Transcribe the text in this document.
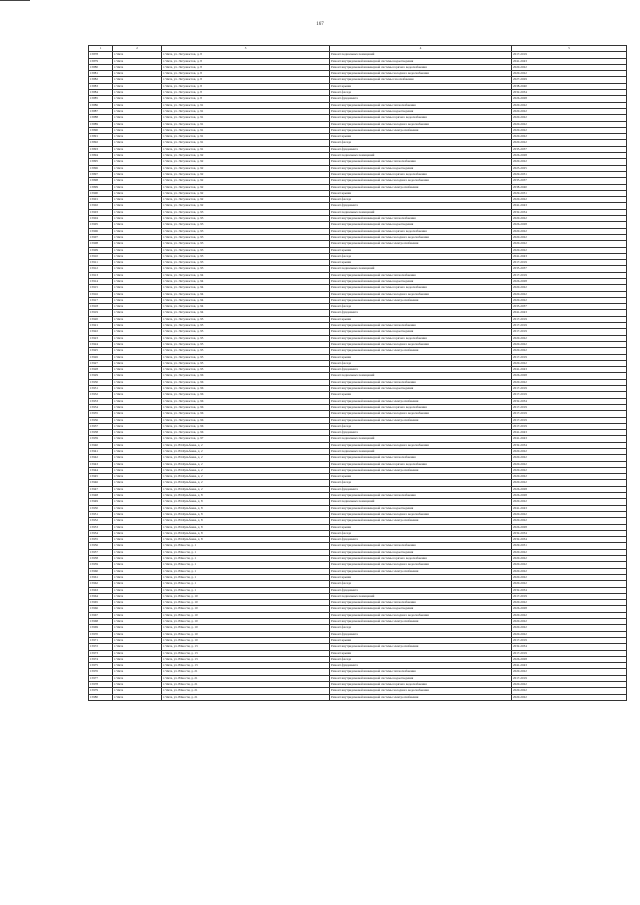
167
1	2	3	4	5
15878	г. Чита	г. Чита, ул. Энтузиастов, д. 8	Ремонт подвальных помещений	2017-2019
15879	г. Чита	г. Чита, ул. Энтузиастов, д. 8	Ремонт внутридомовой инженерной системы водоотведения	2041-2043
15880	г. Чита	г. Чита, ул. Энтузиастов, д. 8	Ремонт внутридомовой инженерной системы горячего водоснабжения	2020-2022
15881	г. Чита	г. Чита, ул. Энтузиастов, д. 8	Ремонт внутридомовой инженерной системы холодного водоснабжения	2020-2022
15882	г. Чита	г. Чита, ул. Энтузиастов, д. 8	Ремонт внутридомовой инженерной системы газоснабжения	2027-2029
15883	г. Чита	г. Чита, ул. Энтузиастов, д. 8	Ремонт крыши	2038-2040
15884	г. Чита	г. Чита, ул. Энтузиастов, д. 8	Ремонт фасада	2032-2034
15885	г. Чита	г. Чита, ул. Энтузиастов, д. 8	Ремонт фундамента	2026-2028
15886	г. Чита	г. Чита, ул. Энтузиастов, д. 91	Ремонт внутридомовой инженерной системы теплоснабжения	2020-2022
15887	г. Чита	г. Чита, ул. Энтузиастов, д. 91	Ремонт внутридомовой инженерной системы водоотведения	2020-2022
15888	г. Чита	г. Чита, ул. Энтузиастов, д. 91	Ремонт внутридомовой инженерной системы горячего водоснабжения	2020-2022
15889	г. Чита	г. Чита, ул. Энтузиастов, д. 91	Ремонт внутридомовой инженерной системы холодного водоснабжения	2020-2022
15890	г. Чита	г. Чита, ул. Энтузиастов, д. 91	Ремонт внутридомовой инженерной системы электроснабжения	2020-2022
15891	г. Чита	г. Чита, ул. Энтузиастов, д. 91	Ремонт крыши	2020-2022
15892	г. Чита	г. Чита, ул. Энтузиастов, д. 91	Ремонт фасада	2020-2022
15893	г. Чита	г. Чита, ул. Энтузиастов, д. 91	Ремонт фундамента	2035-2037
15894	г. Чита	г. Чита, ул. Энтузиастов, д. 92	Ремонт подвальных помещений	2026-2028
15895	г. Чита	г. Чита, ул. Энтузиастов, д. 92	Ремонт внутридомовой инженерной системы теплоснабжения	2020-2022
15896	г. Чита	г. Чита, ул. Энтузиастов, д. 92	Ремонт внутридомовой инженерной системы водоотведения	2023-2025
15897	г. Чита	г. Чита, ул. Энтузиастов, д. 92	Ремонт внутридомовой инженерной системы горячего водоснабжения	2029-2031
15898	г. Чита	г. Чита, ул. Энтузиастов, д. 92	Ремонт внутридомовой инженерной системы холодного водоснабжения	2035-2037
15899	г. Чита	г. Чита, ул. Энтузиастов, д. 92	Ремонт внутридомовой инженерной системы электроснабжения	2038-2040
15900	г. Чита	г. Чита, ул. Энтузиастов, д. 92	Ремонт крыши	2029-2031
15901	г. Чита	г. Чита, ул. Энтузиастов, д. 92	Ремонт фасада	2020-2022
15902	г. Чита	г. Чита, ул. Энтузиастов, д. 92	Ремонт фундамента	2041-2043
15903	г. Чита	г. Чита, ул. Энтузиастов, д. 93	Ремонт подвальных помещений	2032-2034
15904	г. Чита	г. Чита, ул. Энтузиастов, д. 93	Ремонт внутридомовой инженерной системы теплоснабжения	2020-2022
15905	г. Чита	г. Чита, ул. Энтузиастов, д. 93	Ремонт внутридомовой инженерной системы водоотведения	2026-2028
15906	г. Чита	г. Чита, ул. Энтузиастов, д. 93	Ремонт внутридомовой инженерной системы горячего водоснабжения	2020-2022
15907	г. Чита	г. Чита, ул. Энтузиастов, д. 93	Ремонт внутридомовой инженерной системы холодного водоснабжения	2020-2022
15908	г. Чита	г. Чита, ул. Энтузиастов, д. 93	Ремонт внутридомовой инженерной системы электроснабжения	2020-2022
15909	г. Чита	г. Чита, ул. Энтузиастов, д. 93	Ремонт крыши	2020-2022
15910	г. Чита	г. Чита, ул. Энтузиастов, д. 93	Ремонт фасада	2041-2043
15911	г. Чита	г. Чита, ул. Энтузиастов, д. 93	Ремонт крыши	2017-2019
15912	г. Чита	г. Чита, ул. Энтузиастов, д. 93	Ремонт подвальных помещений	2035-2037
15913	г. Чита	г. Чита, ул. Энтузиастов, д. 94	Ремонт внутридомовой инженерной системы теплоснабжения	2017-2019
15914	г. Чита	г. Чита, ул. Энтузиастов, д. 94	Ремонт внутридомовой инженерной системы водоотведения	2026-2028
15915	г. Чита	г. Чита, ул. Энтузиастов, д. 94	Ремонт внутридомовой инженерной системы горячего водоснабжения	2020-2022
15916	г. Чита	г. Чита, ул. Энтузиастов, д. 94	Ремонт внутридомовой инженерной системы холодного водоснабжения	2020-2022
15917	г. Чита	г. Чита, ул. Энтузиастов, д. 94	Ремонт внутридомовой инженерной системы электроснабжения	2020-2022
15918	г. Чита	г. Чита, ул. Энтузиастов, д. 94	Ремонт фасада	2035-2037
15919	г. Чита	г. Чита, ул. Энтузиастов, д. 94	Ремонт фундамента	2041-2043
15920	г. Чита	г. Чита, ул. Энтузиастов, д. 95	Ремонт крыши	2017-2019
15921	г. Чита	г. Чита, ул. Энтузиастов, д. 95	Ремонт внутридомовой инженерной системы теплоснабжения	2017-2019
15922	г. Чита	г. Чита, ул. Энтузиастов, д. 95	Ремонт внутридомовой инженерной системы водоотведения	2017-2019
15923	г. Чита	г. Чита, ул. Энтузиастов, д. 95	Ремонт внутридомовой инженерной системы горячего водоснабжения	2020-2022
15924	г. Чита	г. Чита, ул. Энтузиастов, д. 95	Ремонт внутридомовой инженерной системы холодного водоснабжения	2020-2022
15925	г. Чита	г. Чита, ул. Энтузиастов, д. 95	Ремонт внутридомовой инженерной системы электроснабжения	2020-2022
15926	г. Чита	г. Чита, ул. Энтузиастов, д. 95	Ремонт крыши	2017-2019
15927	г. Чита	г. Чита, ул. Энтузиастов, д. 95	Ремонт фасада	2020-2022
15928	г. Чита	г. Чита, ул. Энтузиастов, д. 95	Ремонт фундамента	2041-2043
15929	г. Чита	г. Чита, ул. Энтузиастов, д. 96	Ремонт подвальных помещений	2026-2028
15930	г. Чита	г. Чита, ул. Энтузиастов, д. 96	Ремонт внутридомовой инженерной системы теплоснабжения	2020-2022
15931	г. Чита	г. Чита, ул. Энтузиастов, д. 96	Ремонт внутридомовой инженерной системы водоотведения	2017-2019
15932	г. Чита	г. Чита, ул. Энтузиастов, д. 96	Ремонт крыши	2017-2019
15933	г. Чита	г. Чита, ул. Энтузиастов, д. 96	Ремонт внутридомовой инженерной системы электроснабжения	2032-2034
15934	г. Чита	г. Чита, ул. Энтузиастов, д. 96	Ремонт внутридомовой инженерной системы горячего водоснабжения	2017-2019
15935	г. Чита	г. Чита, ул. Энтузиастов, д. 96	Ремонт внутридомовой инженерной системы холодного водоснабжения	2017-2019
15936	г. Чита	г. Чита, ул. Энтузиастов, д. 96	Ремонт внутридомовой инженерной системы электроснабжения	2017-2019
15937	г. Чита	г. Чита, ул. Энтузиастов, д. 96	Ремонт фасада	2017-2019
15938	г. Чита	г. Чита, ул. Энтузиастов, д. 96	Ремонт фундамента	2041-2043
15939	г. Чита	г. Чита, ул. Энтузиастов, д. 97	Ремонт подвальных помещений	2041-2043
15940	г. Чита	г. Чита, ул. Ю.Кульбаева, д. 2	Ремонт внутридомовой инженерной системы холодного водоснабжения	2032-2034
15941	г. Чита	г. Чита, ул. Ю.Кульбаева, д. 2	Ремонт подвальных помещений	2020-2022
15942	г. Чита	г. Чита, ул. Ю.Кульбаева, д. 2	Ремонт внутридомовой инженерной системы теплоснабжения	2020-2022
15943	г. Чита	г. Чита, ул. Ю.Кульбаева, д. 2	Ремонт внутридомовой инженерной системы горячего водоснабжения	2020-2022
15944	г. Чита	г. Чита, ул. Ю.Кульбаева, д. 2	Ремонт внутридомовой инженерной системы электроснабжения	2020-2022
15945	г. Чита	г. Чита, ул. Ю.Кульбаева, д. 2	Ремонт крыши	2020-2022
15946	г. Чита	г. Чита, ул. Ю.Кульбаева, д. 2	Ремонт фасада	2020-2022
15947	г. Чита	г. Чита, ул. Ю.Кульбаева, д. 2	Ремонт фундамента	2026-2028
15948	г. Чита	г. Чита, ул. Ю.Кульбаева, д. 8	Ремонт внутридомовой инженерной системы теплоснабжения	2026-2028
15949	г. Чита	г. Чита, ул. Ю.Кульбаева, д. 8	Ремонт подвальных помещений	2020-2022
15950	г. Чита	г. Чита, ул. Ю.Кульбаева, д. 8	Ремонт внутридомовой инженерной системы водоотведения	2041-2043
15951	г. Чита	г. Чита, ул. Ю.Кульбаева, д. 8	Ремонт внутридомовой инженерной системы холодного водоснабжения	2020-2022
15952	г. Чита	г. Чита, ул. Ю.Кульбаева, д. 8	Ремонт внутридомовой инженерной системы электроснабжения	2020-2022
15953	г. Чита	г. Чита, ул. Ю.Кульбаева, д. 8	Ремонт крыши	2026-2028
15954	г. Чита	г. Чита, ул. Ю.Кульбаева, д. 8	Ремонт фасада	2032-2034
15955	г. Чита	г. Чита, ул. Ю.Кульбаева, д. 8	Ремонт фундамента	2032-2034
15956	г. Чита	г. Чита, ул. Юности, д. 1	Ремонт внутридомовой инженерной системы теплоснабжения	2029-2031
15957	г. Чита	г. Чита, ул. Юности, д. 1	Ремонт внутридомовой инженерной системы водоотведения	2020-2022
15958	г. Чита	г. Чита, ул. Юности, д. 1	Ремонт внутридомовой инженерной системы горячего водоснабжения	2020-2022
15959	г. Чита	г. Чита, ул. Юности, д. 1	Ремонт внутридомовой инженерной системы холодного водоснабжения	2020-2022
15960	г. Чита	г. Чита, ул. Юности, д. 1	Ремонт внутридомовой инженерной системы электроснабжения	2020-2022
15961	г. Чита	г. Чита, ул. Юности, д. 1	Ремонт крыши	2020-2022
15962	г. Чита	г. Чита, ул. Юности, д. 1	Ремонт фасада	2020-2022
15963	г. Чита	г. Чита, ул. Юности, д. 1	Ремонт фундамента	2032-2034
15964	г. Чита	г. Чита, ул. Юности, д. 10	Ремонт подвальных помещений	2017-2019
15965	г. Чита	г. Чита, ул. Юности, д. 10	Ремонт внутридомовой инженерной системы теплоснабжения	2020-2022
15966	г. Чита	г. Чита, ул. Юности, д. 10	Ремонт внутридомовой инженерной системы водоотведения	2026-2028
15967	г. Чита	г. Чита, ул. Юности, д. 10	Ремонт внутридомовой инженерной системы холодного водоснабжения	2020-2022
15968	г. Чита	г. Чита, ул. Юности, д. 10	Ремонт внутридомовой инженерной системы электроснабжения	2020-2022
15969	г. Чита	г. Чита, ул. Юности, д. 10	Ремонт фасада	2020-2022
15970	г. Чита	г. Чита, ул. Юности, д. 10	Ремонт фундамента	2020-2022
15971	г. Чита	г. Чита, ул. Юности, д. 10	Ремонт крыши	2017-2019
15972	г. Чита	г. Чита, ул. Юности, д. 13	Ремонт внутридомовой инженерной системы электроснабжения	2032-2034
15973	г. Чита	г. Чита, ул. Юности, д. 13	Ремонт крыши	2017-2019
15974	г. Чита	г. Чита, ул. Юности, д. 13	Ремонт фасада	2026-2028
15975	г. Чита	г. Чита, ул. Юности, д. 13	Ремонт фундамента	2041-2043
15976	г. Чита	г. Чита, ул. Юности, д. 21	Ремонт внутридомовой инженерной системы теплоснабжения	2020-2022
15977	г. Чита	г. Чита, ул. Юности, д. 21	Ремонт внутридомовой инженерной системы водоотведения	2017-2019
15978	г. Чита	г. Чита, ул. Юности, д. 21	Ремонт внутридомовой инженерной системы горячего водоснабжения	2020-2022
15979	г. Чита	г. Чита, ул. Юности, д. 21	Ремонт внутридомовой инженерной системы холодного водоснабжения	2020-2022
15980	г. Чита	г. Чита, ул. Юности, д. 21	Ремонт внутридомовой инженерной системы электроснабжения	2020-2022
